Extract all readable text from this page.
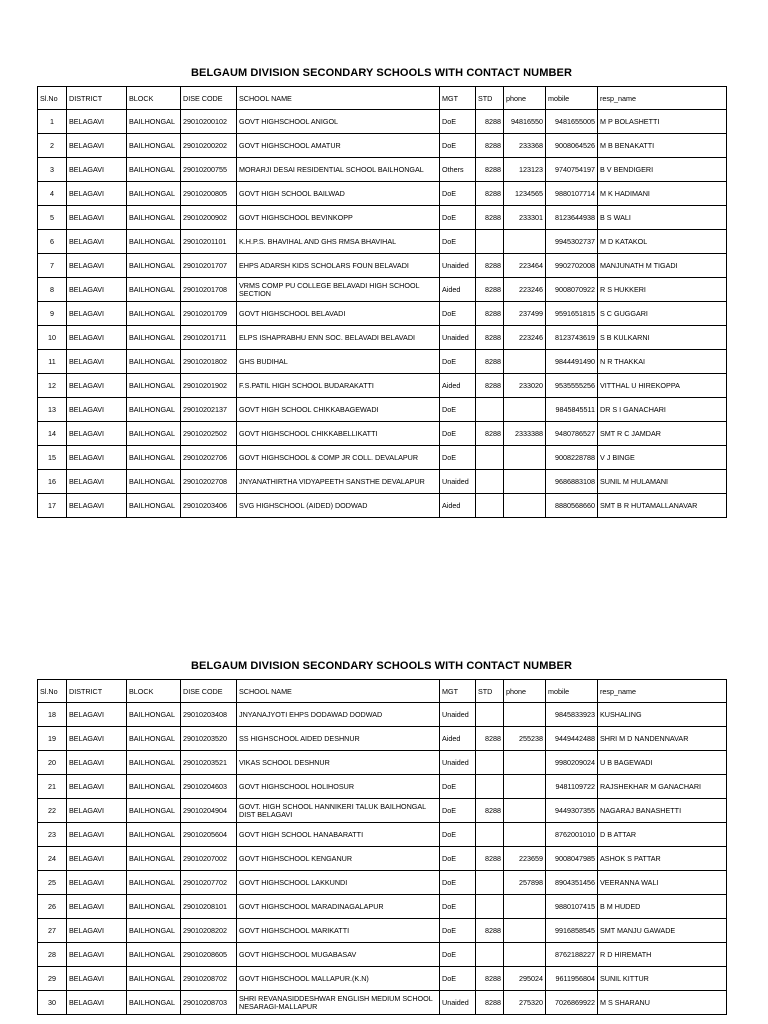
BELGAUM DIVISION SECONDARY SCHOOLS WITH CONTACT NUMBER
Sl.No	DISTRICT	BLOCK	DISE CODE	SCHOOL NAME	MGT	STD	phone	mobile	resp_name
1	BELAGAVI	BAILHONGAL	29010200102	GOVT HIGHSCHOOL ANIGOL	DoE	8288	94816550	9481655005	M P BOLASHETTI
2	BELAGAVI	BAILHONGAL	29010200202	GOVT HIGHSCHOOL AMATUR	DoE	8288	233368	9008064526	M B BENAKATTI
3	BELAGAVI	BAILHONGAL	29010200755	MORARJI DESAI RESIDENTIAL SCHOOL BAILHONGAL	Others	8288	123123	9740754197	B V BENDIGERI
4	BELAGAVI	BAILHONGAL	29010200805	GOVT HIGH SCHOOL BAILWAD	DoE	8288	1234565	9880107714	M K HADIMANI
5	BELAGAVI	BAILHONGAL	29010200902	GOVT HIGHSCHOOL BEVINKOPP	DoE	8288	233301	8123644938	B S WALI
6	BELAGAVI	BAILHONGAL	29010201101	K.H.P.S. BHAVIHAL AND GHS RMSA BHAVIHAL	DoE			9945302737	M D KATAKOL
7	BELAGAVI	BAILHONGAL	29010201707	EHPS ADARSH KIDS SCHOLARS FOUN BELAVADI	Unaided	8288	223464	9902702008	MANJUNATH M TIGADI
8	BELAGAVI	BAILHONGAL	29010201708	VRMS COMP PU COLLEGE BELAVADI HIGH SCHOOL SECTION	Aided	8288	223246	9008070922	R S HUKKERI
9	BELAGAVI	BAILHONGAL	29010201709	GOVT HIGHSCHOOL BELAVADI	DoE	8288	237499	9591651815	S C GUGGARI
10	BELAGAVI	BAILHONGAL	29010201711	ELPS ISHAPRABHU ENN SOC. BELAVADI BELAVADI	Unaided	8288	223246	8123743619	S B KULKARNI
11	BELAGAVI	BAILHONGAL	29010201802	GHS BUDIHAL	DoE	8288		9844491490	N R THAKKAI
12	BELAGAVI	BAILHONGAL	29010201902	F.S.PATIL HIGH SCHOOL BUDARAKATTI	Aided	8288	233020	9535555256	VITTHAL U HIREKOPPA
13	BELAGAVI	BAILHONGAL	29010202137	GOVT HIGH SCHOOL CHIKKABAGEWADI	DoE			9845845511	DR S I GANACHARI
14	BELAGAVI	BAILHONGAL	29010202502	GOVT HIGHSCHOOL CHIKKABELLIKATTI	DoE	8288	2333388	9480786527	SMT R C JAMDAR
15	BELAGAVI	BAILHONGAL	29010202706	GOVT HIGHSCHOOL & COMP JR COLL. DEVALAPUR	DoE			9008228788	V J BINGE
16	BELAGAVI	BAILHONGAL	29010202708	JNYANATHIRTHA VIDYAPEETH SANSTHE DEVALAPUR	Unaided			9686883108	SUNIL M HULAMANI
17	BELAGAVI	BAILHONGAL	29010203406	SVG HIGHSCHOOL (AIDED) DODWAD	Aided			8880568660	SMT B R HUTAMALLANAVAR
BELGAUM DIVISION SECONDARY SCHOOLS WITH CONTACT NUMBER
Sl.No	DISTRICT	BLOCK	DISE CODE	SCHOOL NAME	MGT	STD	phone	mobile	resp_name
18	BELAGAVI	BAILHONGAL	29010203408	JNYANAJYOTI EHPS DODAWAD DODWAD	Unaided			9845833923	KUSHALING
19	BELAGAVI	BAILHONGAL	29010203520	SS HIGHSCHOOL AIDED DESHNUR	Aided	8288	255238	9449442488	SHRI M D NANDENNAVAR
20	BELAGAVI	BAILHONGAL	29010203521	VIKAS SCHOOL DESHNUR	Unaided			9980209024	U B BAGEWADI
21	BELAGAVI	BAILHONGAL	29010204603	GOVT HIGHSCHOOL HOLIHOSUR	DoE			9481109722	RAJSHEKHAR M GANACHARI
22	BELAGAVI	BAILHONGAL	29010204904	GOVT. HIGH SCHOOL HANNIKERI TALUK BAILHONGAL DIST BELAGAVI	DoE	8288		9449307355	NAGARAJ BANASHETTI
23	BELAGAVI	BAILHONGAL	29010205604	GOVT HIGH SCHOOL HANABARATTI	DoE			8762001010	D B ATTAR
24	BELAGAVI	BAILHONGAL	29010207002	GOVT HIGHSCHOOL KENGANUR	DoE	8288	223659	9008047985	ASHOK S PATTAR
25	BELAGAVI	BAILHONGAL	29010207702	GOVT HIGHSCHOOL LAKKUNDI	DoE		257898	8904351456	VEERANNA WALI
26	BELAGAVI	BAILHONGAL	29010208101	GOVT HIGHSCHOOL MARADINAGALAPUR	DoE			9880107415	B M HUDED
27	BELAGAVI	BAILHONGAL	29010208202	GOVT HIGHSCHOOL MARIKATTI	DoE	8288		9916858545	SMT MANJU GAWADE
28	BELAGAVI	BAILHONGAL	29010208605	GOVT HIGHSCHOOL MUGABASAV	DoE			8762188227	R D HIREMATH
29	BELAGAVI	BAILHONGAL	29010208702	GOVT HIGHSCHOOL MALLAPUR.(K.N)	DoE	8288	295024	9611956804	SUNIL KITTUR
30	BELAGAVI	BAILHONGAL	29010208703	SHRI REVANASIDDESHWAR ENGLISH MEDIUM SCHOOL NESARAGI-MALLAPUR	Unaided	8288	275320	7026869922	M S SHARANU
